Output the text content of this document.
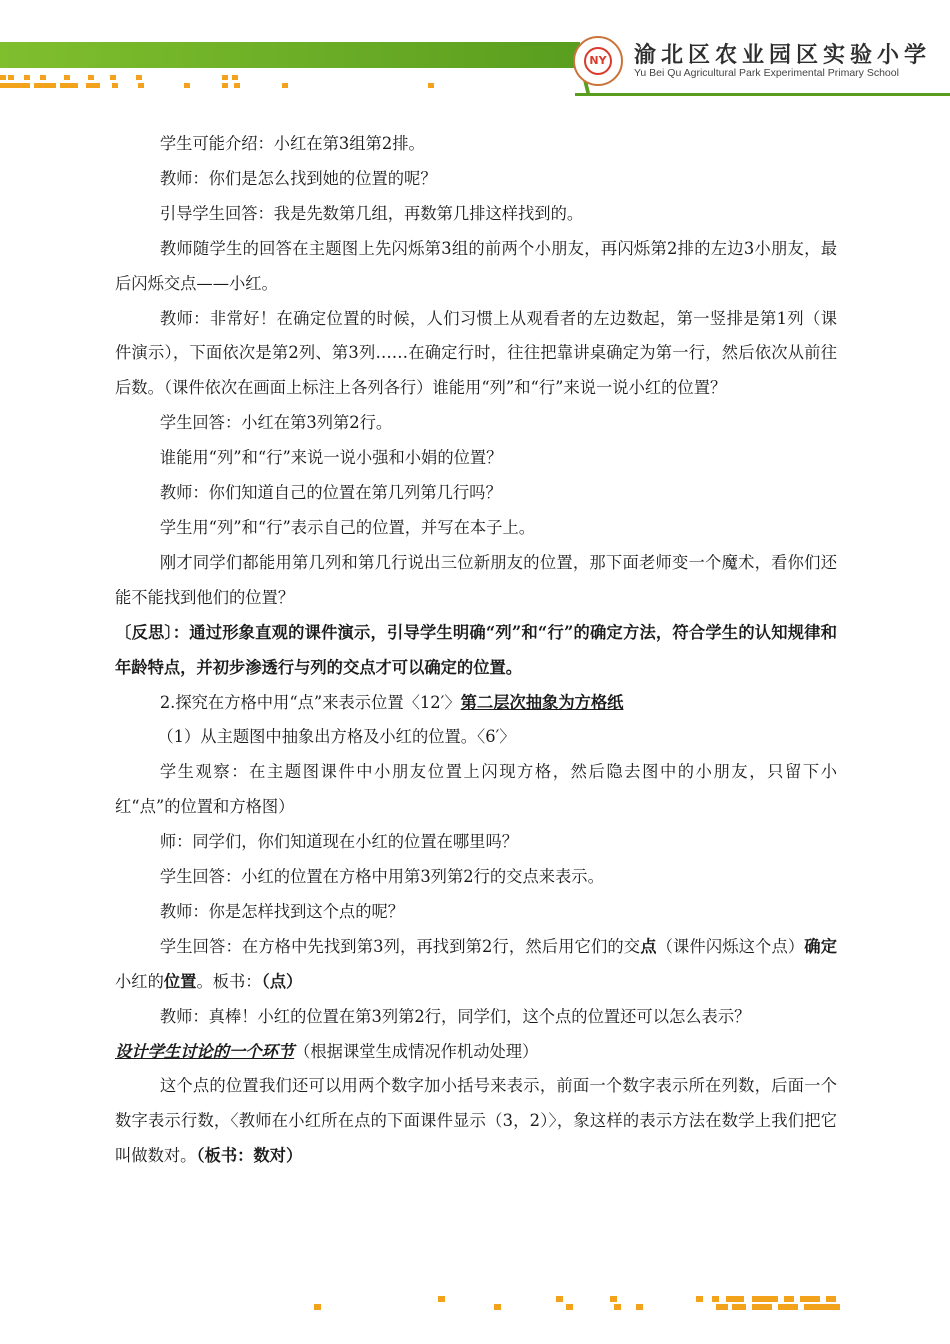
NY 渝北区农业园区实验小学
Yu Bei Qu Agricultural Park Experimental Primary School

学生可能介绍：小红在第3组第2排。

教师：你们是怎么找到她的位置的呢？

引导学生回答：我是先数第几组，再数第几排这样找到的。

教师随学生的回答在主题图上先闪烁第3组的前两个小朋友，再闪烁第2排的左边3小朋友，最后闪烁交点——小红。

教师：非常好！在确定位置的时候，人们习惯上从观看者的左边数起，第一竖排是第1列（课件演示），下面依次是第2列、第3列……在确定行时，往往把靠讲桌确定为第一行，然后依次从前往后数。（课件依次在画面上标注上各列各行）谁能用“列”和“行”来说一说小红的位置？

学生回答：小红在第3列第2行。

谁能用“列”和“行”来说一说小强和小娟的位置？

教师：你们知道自己的位置在第几列第几行吗？

学生用“列”和“行”表示自己的位置，并写在本子上。

刚才同学们都能用第几列和第几行说出三位新朋友的位置，那下面老师变一个魔术，看你们还能不能找到他们的位置？

〔反思〕：通过形象直观的课件演示，引导学生明确“列”和“行”的确定方法，符合学生的认知规律和年龄特点，并初步渗透行与列的交点才可以确定的位置。

2.探究在方格中用“点”来表示位置〈12′〉第二层次抽象为方格纸

（1）从主题图中抽象出方格及小红的位置。〈6′〉

学生观察：在主题图课件中小朋友位置上闪现方格，然后隐去图中的小朋友，只留下小红“点”的位置和方格图）

师：同学们，你们知道现在小红的位置在哪里吗？

学生回答：小红的位置在方格中用第3列第2行的交点来表示。

教师：你是怎样找到这个点的呢？

学生回答：在方格中先找到第3列，再找到第2行，然后用它们的交点（课件闪烁这个点）确定小红的位置。板书：（点）

教师：真棒！小红的位置在第3列第2行，同学们，这个点的位置还可以怎么表示？

设计学生讨论的一个环节（根据课堂生成情况作机动处理）

这个点的位置我们还可以用两个数字加小括号来表示，前面一个数字表示所在列数，后面一个数字表示行数，〈教师在小红所在点的下面课件显示（3，2）〉，象这样的表示方法在数学上我们把它叫做数对。（板书：数对）
